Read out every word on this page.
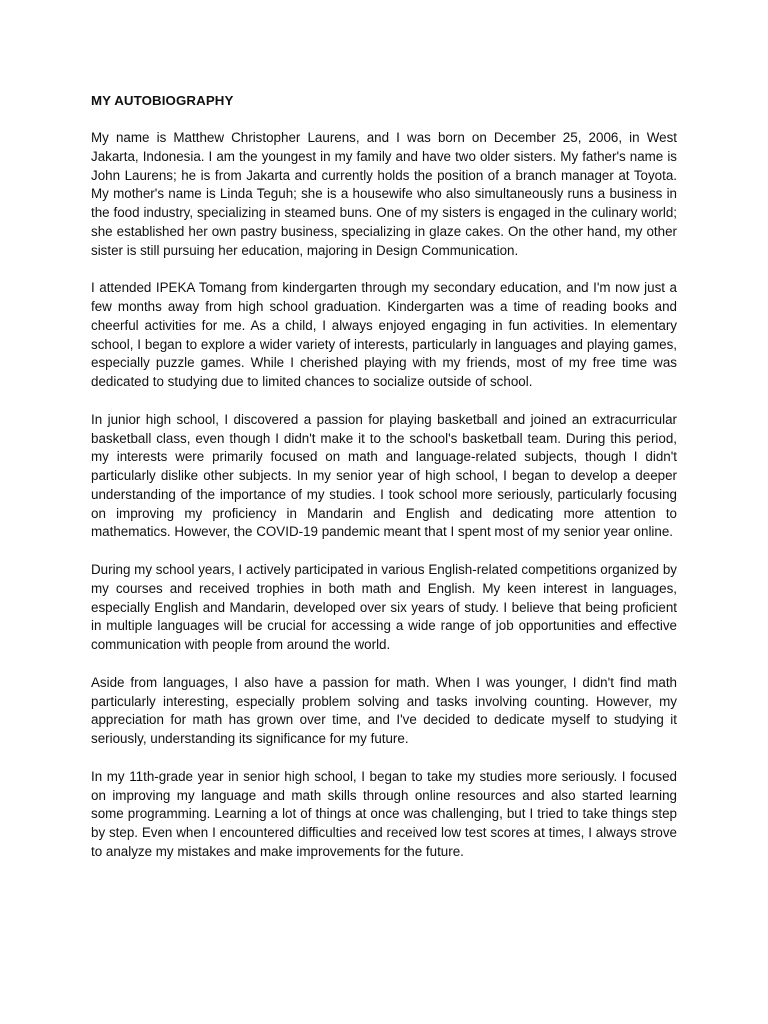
MY AUTOBIOGRAPHY

My name is Matthew Christopher Laurens, and I was born on December 25, 2006, in West Jakarta, Indonesia. I am the youngest in my family and have two older sisters. My father's name is John Laurens; he is from Jakarta and currently holds the position of a branch manager at Toyota. My mother's name is Linda Teguh; she is a housewife who also simultaneously runs a business in the food industry, specializing in steamed buns. One of my sisters is engaged in the culinary world; she established her own pastry business, specializing in glaze cakes. On the other hand, my other sister is still pursuing her education, majoring in Design Communication.

I attended IPEKA Tomang from kindergarten through my secondary education, and I'm now just a few months away from high school graduation. Kindergarten was a time of reading books and cheerful activities for me. As a child, I always enjoyed engaging in fun activities. In elementary school, I began to explore a wider variety of interests, particularly in languages and playing games, especially puzzle games. While I cherished playing with my friends, most of my free time was dedicated to studying due to limited chances to socialize outside of school.

In junior high school, I discovered a passion for playing basketball and joined an extracurricular basketball class, even though I didn't make it to the school's basketball team. During this period, my interests were primarily focused on math and language-related subjects, though I didn't particularly dislike other subjects. In my senior year of high school, I began to develop a deeper understanding of the importance of my studies. I took school more seriously, particularly focusing on improving my proficiency in Mandarin and English and dedicating more attention to mathematics. However, the COVID-19 pandemic meant that I spent most of my senior year online.

During my school years, I actively participated in various English-related competitions organized by my courses and received trophies in both math and English. My keen interest in languages, especially English and Mandarin, developed over six years of study. I believe that being proficient in multiple languages will be crucial for accessing a wide range of job opportunities and effective communication with people from around the world.

Aside from languages, I also have a passion for math. When I was younger, I didn't find math particularly interesting, especially problem solving and tasks involving counting. However, my appreciation for math has grown over time, and I've decided to dedicate myself to studying it seriously, understanding its significance for my future.

In my 11th-grade year in senior high school, I began to take my studies more seriously. I focused on improving my language and math skills through online resources and also started learning some programming. Learning a lot of things at once was challenging, but I tried to take things step by step. Even when I encountered difficulties and received low test scores at times, I always strove to analyze my mistakes and make improvements for the future.
